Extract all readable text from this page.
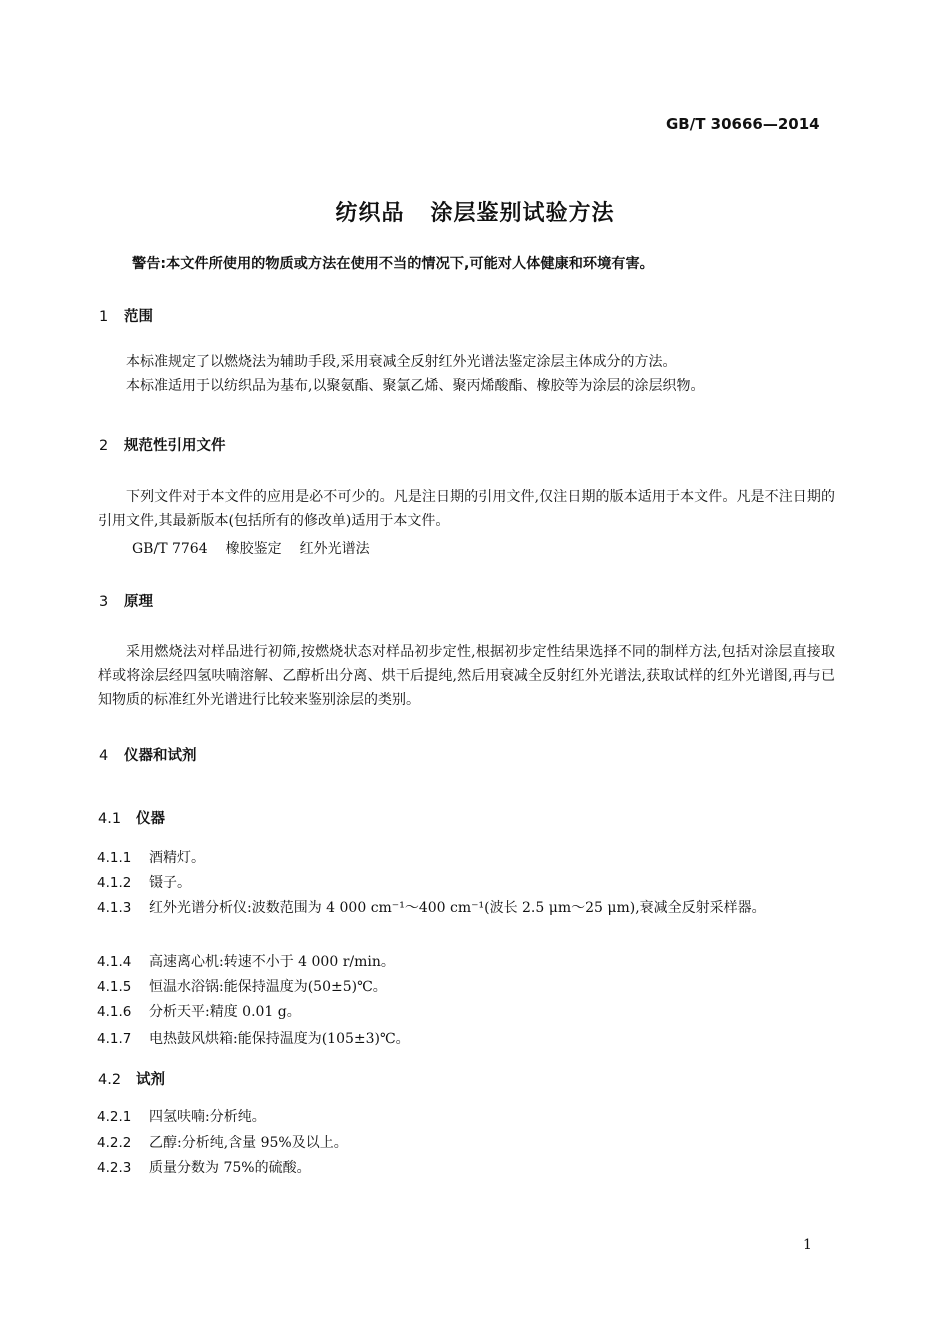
GB/T 30666—2014
纺织品 涂层鉴别试验方法
警告:本文件所使用的物质或方法在使用不当的情况下,可能对人体健康和环境有害。
1 范围

本标准规定了以燃烧法为辅助手段,采用衰减全反射红外光谱法鉴定涂层主体成分的方法。

本标准适用于以纺织品为基布,以聚氨酯、聚氯乙烯、聚丙烯酸酯、橡胶等为涂层的涂层织物。

2 规范性引用文件

下列文件对于本文件的应用是必不可少的。凡是注日期的引用文件,仅注日期的版本适用于本文件。凡是不注日期的引用文件,其最新版本(包括所有的修改单)适用于本文件。

GB/T 7764 橡胶鉴定 红外光谱法
3 原理

采用燃烧法对样品进行初筛,按燃烧状态对样品初步定性,根据初步定性结果选择不同的制样方法,包括对涂层直接取样或将涂层经四氢呋喃溶解、乙醇析出分离、烘干后提纯,然后用衰减全反射红外光谱法,获取试样的红外光谱图,再与已知物质的标准红外光谱进行比较来鉴别涂层的类别。

4 仪器和试剂
4.1 仪器
4.1.1 酒精灯。
4.1.2 镊子。
4.1.3 红外光谱分析仪:波数范围为 4 000 cm⁻¹～400 cm⁻¹(波长 2.5 μm～25 μm),衰减全反射采样器。
4.1.4 高速离心机:转速不小于 4 000 r/min。
4.1.5 恒温水浴锅:能保持温度为(50±5)℃。
4.1.6 分析天平:精度 0.01 g。
4.1.7 电热鼓风烘箱:能保持温度为(105±3)℃。
4.2 试剂
4.2.1 四氢呋喃:分析纯。
4.2.2 乙醇:分析纯,含量 95%及以上。
4.2.3 质量分数为 75%的硫酸。
1
